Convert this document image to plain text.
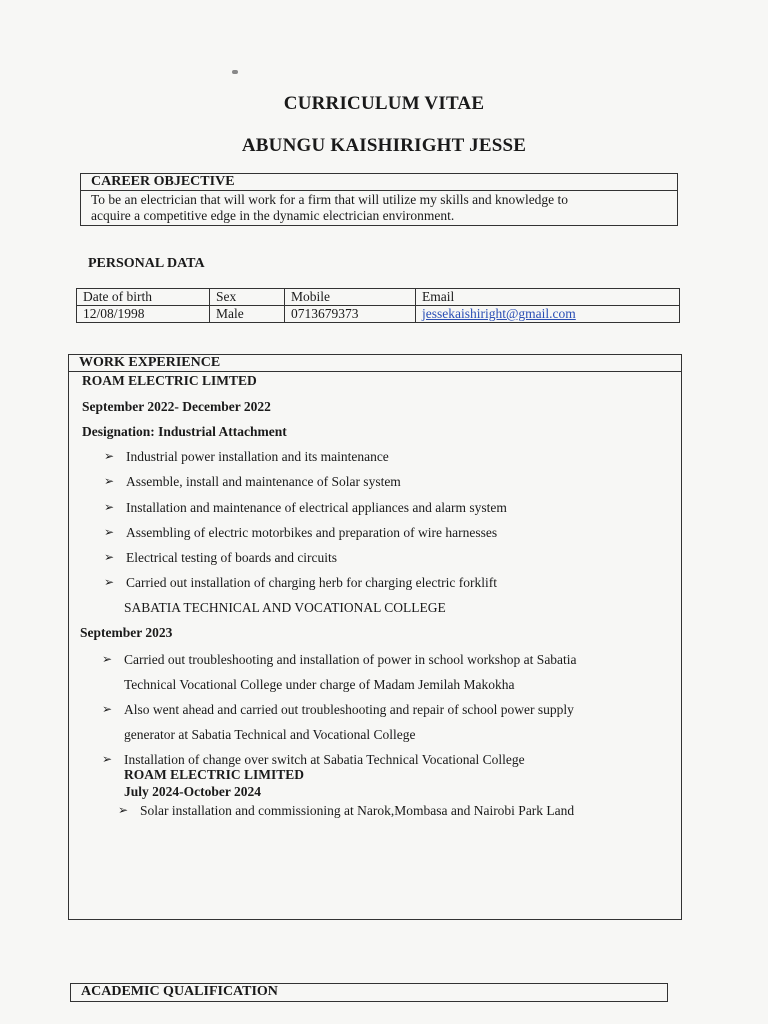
CURRICULUM VITAE
ABUNGU KAISHIRIGHT JESSE
CAREER OBJECTIVE
To be an electrician that will work for a firm that will utilize my skills and knowledge to
acquire a competitive edge in the dynamic electrician environment.
PERSONAL DATA
Date of birth	Sex	Mobile	Email
12/08/1998	Male	0713679373	jessekaishiright@gmail.com
WORK EXPERIENCE
ROAM ELECTRIC LIMTED
September 2022- December 2022
Designation: Industrial Attachment
➢ Industrial power installation and its maintenance
➢ Assemble, install and maintenance of Solar system
➢ Installation and maintenance of electrical appliances and alarm system
➢ Assembling of electric motorbikes and preparation of wire harnesses
➢ Electrical testing of boards and circuits
➢ Carried out installation of charging herb for charging electric forklift
SABATIA TECHNICAL AND VOCATIONAL COLLEGE
September 2023
➢ Carried out troubleshooting and installation of power in school workshop at Sabatia
Technical Vocational College under charge of Madam Jemilah Makokha
➢ Also went ahead and carried out troubleshooting and repair of school power supply
generator at Sabatia Technical and Vocational College
➢ Installation of change over switch at Sabatia Technical Vocational College
ROAM ELECTRIC LIMITED
July 2024-October 2024
➢ Solar installation and commissioning at Narok,Mombasa and Nairobi Park Land
ACADEMIC QUALIFICATION
